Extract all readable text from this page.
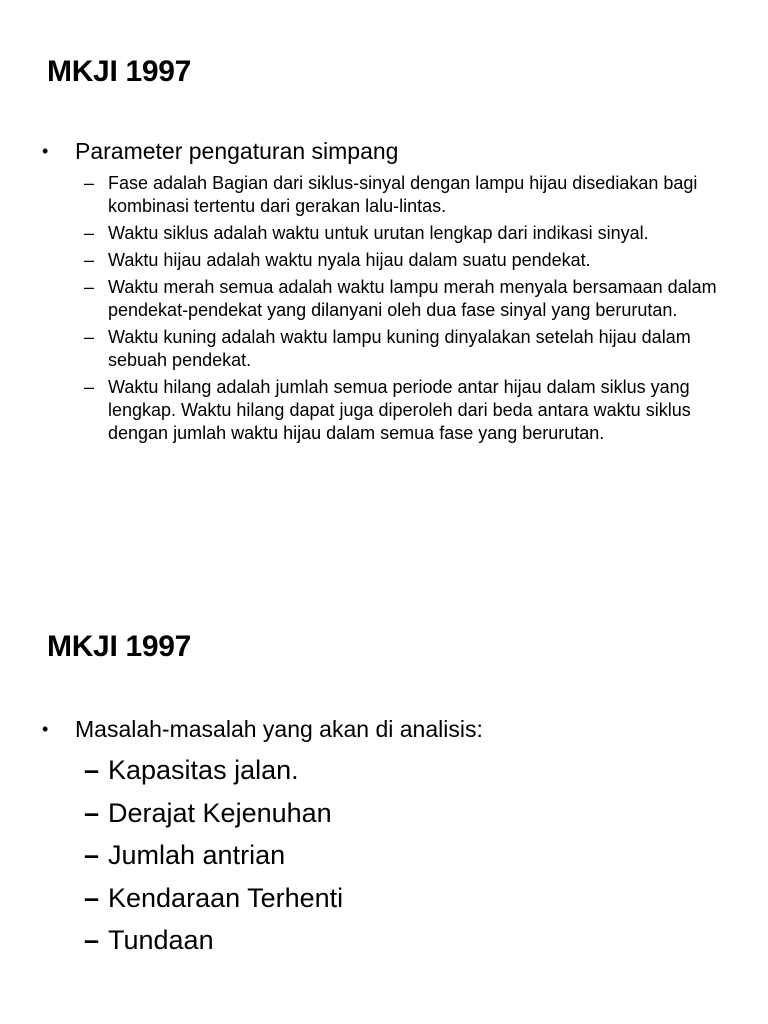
MKJI 1997
•	Parameter pengaturan simpang
– Fase adalah Bagian dari siklus-sinyal dengan lampu hijau disediakan bagi kombinasi tertentu dari gerakan lalu-lintas.
– Waktu siklus adalah waktu untuk urutan lengkap dari indikasi sinyal.
– Waktu hijau adalah waktu nyala hijau dalam suatu pendekat.
– Waktu merah semua adalah waktu lampu merah menyala bersamaan dalam pendekat-pendekat yang dilanyani oleh dua fase sinyal yang berurutan.
– Waktu kuning adalah waktu lampu kuning dinyalakan setelah hijau dalam sebuah pendekat.
– Waktu hilang adalah jumlah semua periode antar hijau dalam siklus yang lengkap. Waktu hilang dapat juga diperoleh dari beda antara waktu siklus dengan jumlah waktu hijau dalam semua fase yang berurutan.
MKJI 1997
•	Masalah-masalah yang akan di analisis:
– Kapasitas jalan.
– Derajat Kejenuhan
– Jumlah antrian
– Kendaraan Terhenti
– Tundaan
